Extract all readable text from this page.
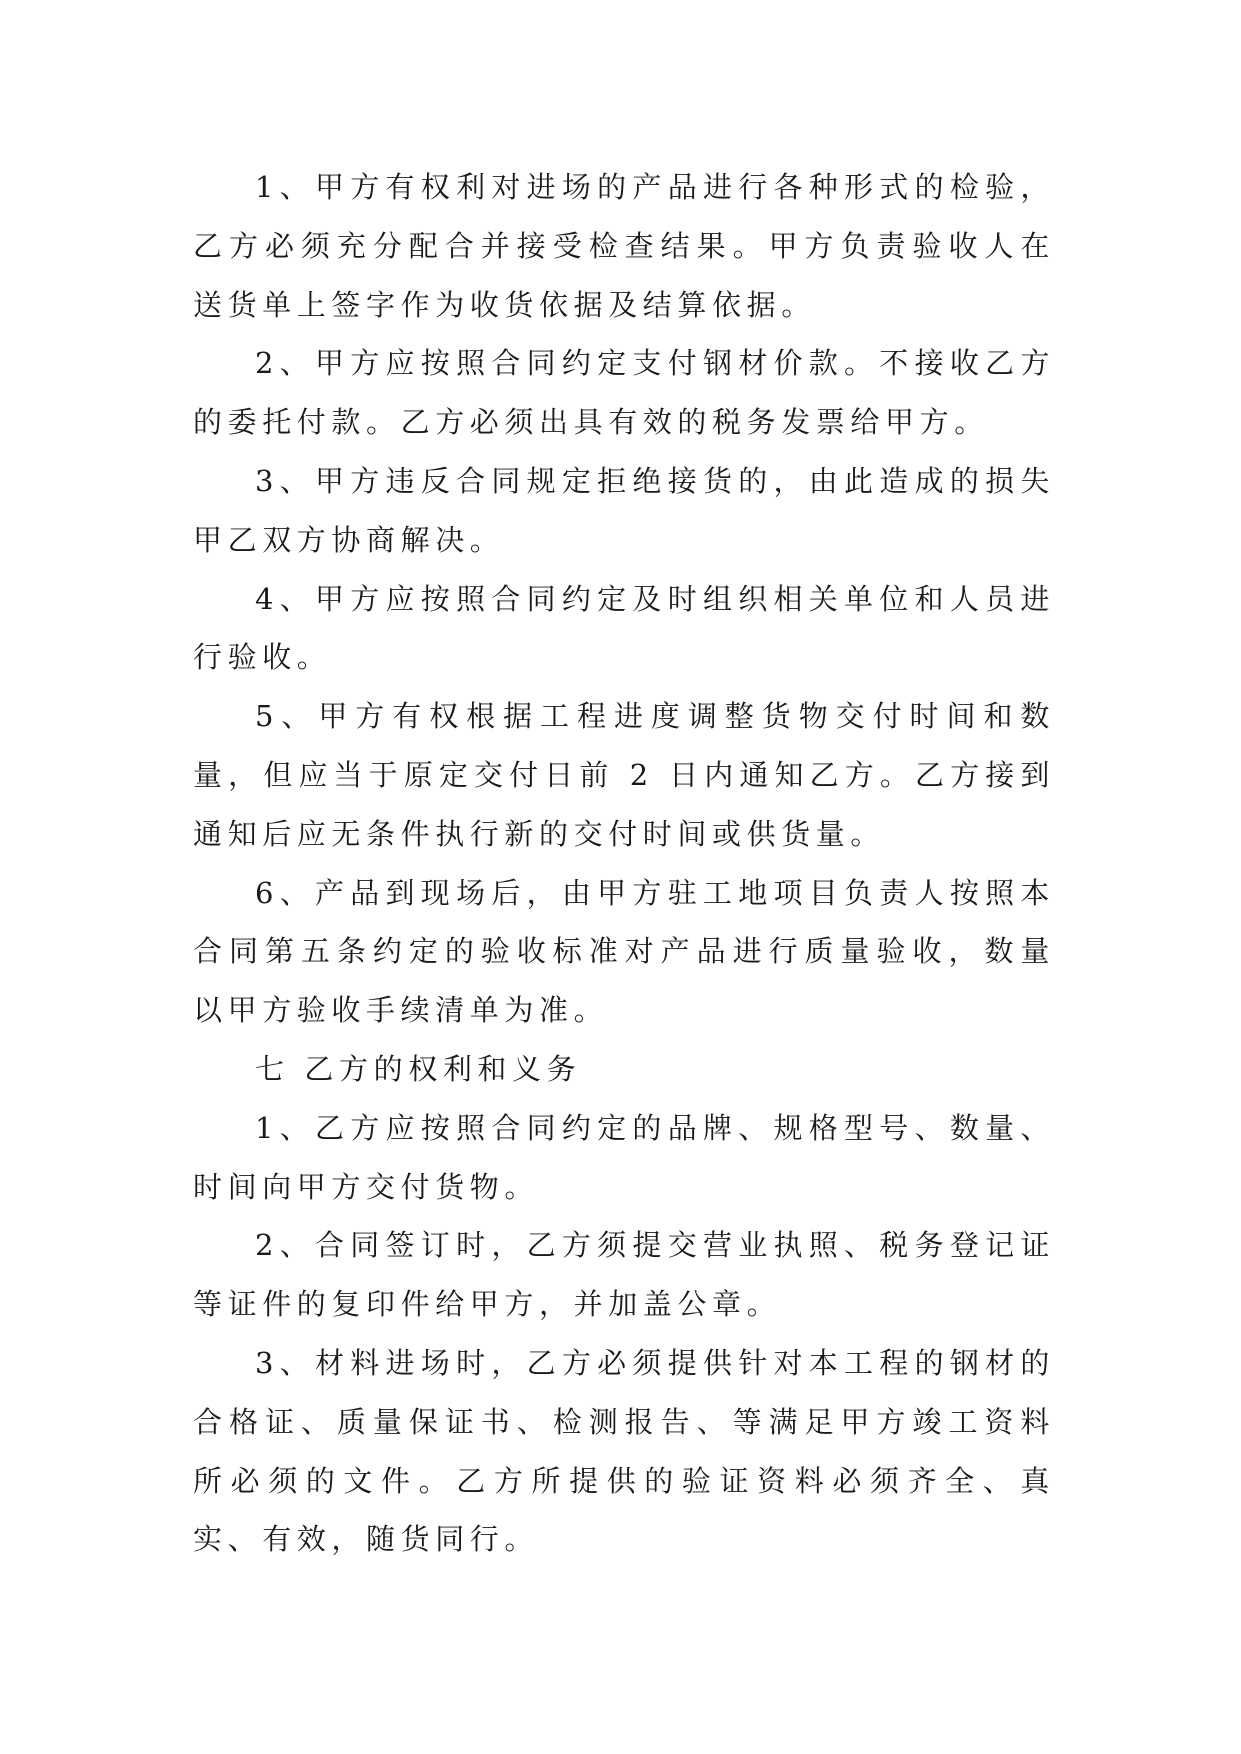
1、甲方有权利对进场的产品进行各种形式的检验，乙方必须充分配合并接受检查结果。甲方负责验收人在送货单上签字作为收货依据及结算依据。

2、甲方应按照合同约定支付钢材价款。不接收乙方的委托付款。乙方必须出具有效的税务发票给甲方。

3、甲方违反合同规定拒绝接货的，由此造成的损失甲乙双方协商解决。

4、甲方应按照合同约定及时组织相关单位和人员进行验收。

5、甲方有权根据工程进度调整货物交付时间和数量，但应当于原定交付日前 2 日内通知乙方。乙方接到通知后应无条件执行新的交付时间或供货量。

6、产品到现场后，由甲方驻工地项目负责人按照本合同第五条约定的验收标准对产品进行质量验收，数量以甲方验收手续清单为准。

七 乙方的权利和义务

1、乙方应按照合同约定的品牌、规格型号、数量、时间向甲方交付货物。

2、合同签订时，乙方须提交营业执照、税务登记证等证件的复印件给甲方，并加盖公章。

3、材料进场时，乙方必须提供针对本工程的钢材的合格证、质量保证书、检测报告、等满足甲方竣工资料所必须的文件。乙方所提供的验证资料必须齐全、真实、有效，随货同行。
